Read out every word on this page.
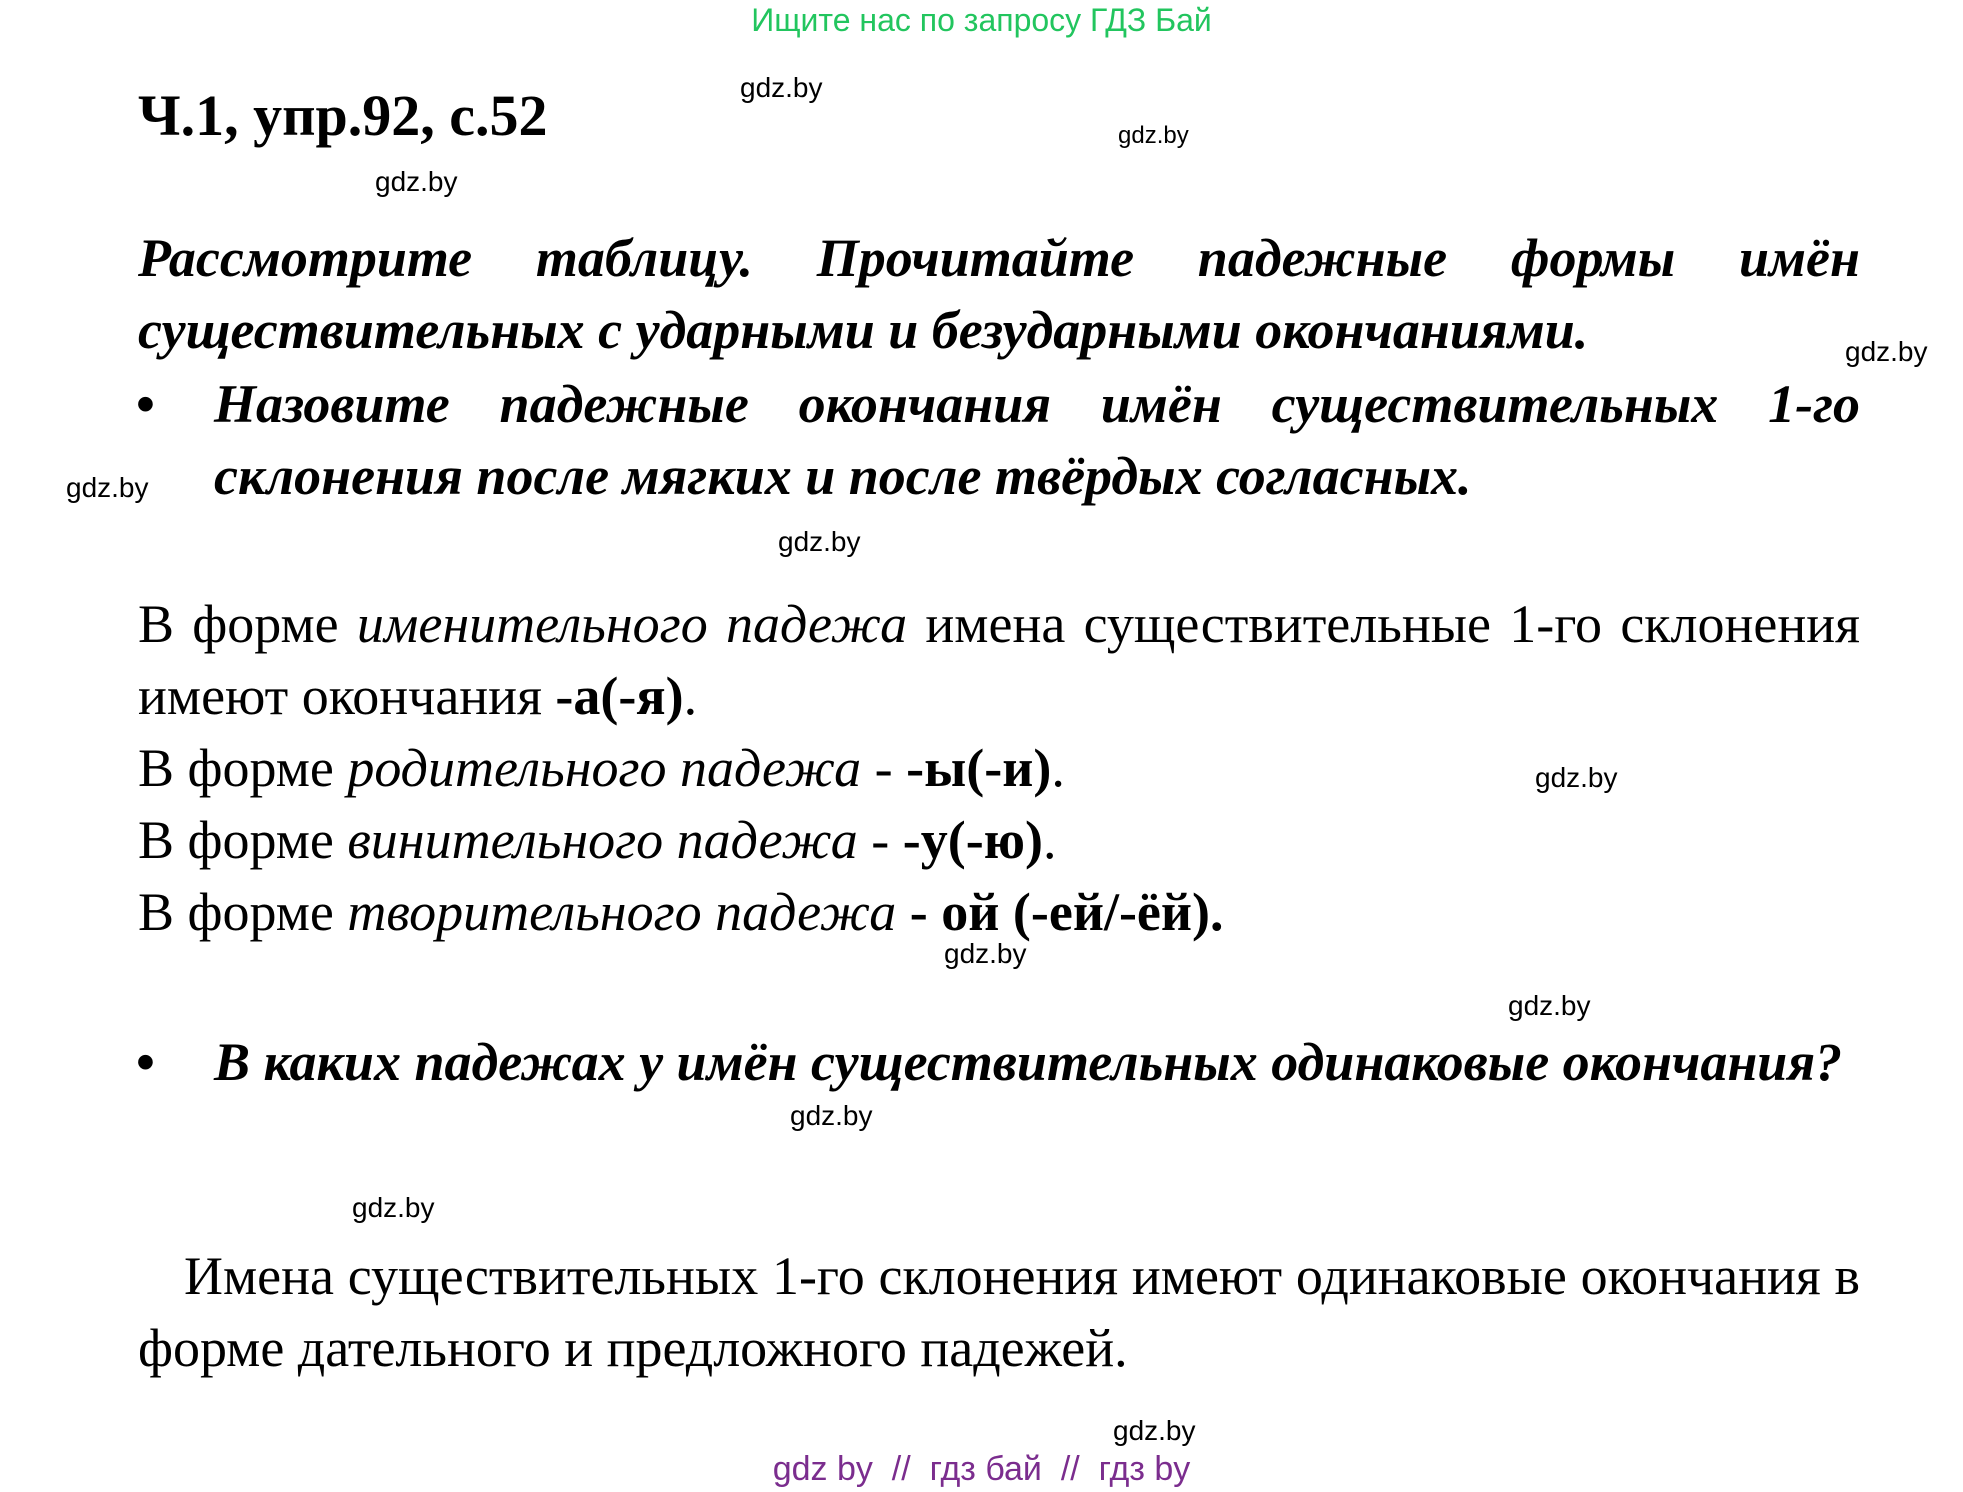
Ищите нас по запросу ГДЗ Бай
Ч.1, упр.92, с.52	gdz.by
gdz.by
gdz.by
gdz.by
gdz.by
gdz.by
gdz.by
gdz.by
gdz.by
gdz.by
gdz.by
gdz.by
Рассмотрите таблицу. Прочитайте падежные формы имён существительных с ударными и безударными окончаниями.
• Назовите падежные окончания имён существительных 1-го склонения после мягких и после твёрдых согласных.
В форме именительного падежа имена существительные 1-го склонения имеют окончания -а(-я).
В форме родительного падежа - -ы(-и).
В форме винительного падежа - -у(-ю).
В форме творительного падежа - ой (-ей/-ёй).
• В каких падежах у имён существительных одинаковые окончания?
Имена существительных 1-го склонения имеют одинаковые окончания в форме дательного и предложного падежей.
gdz by  //  гдз бай  //  гдз by
